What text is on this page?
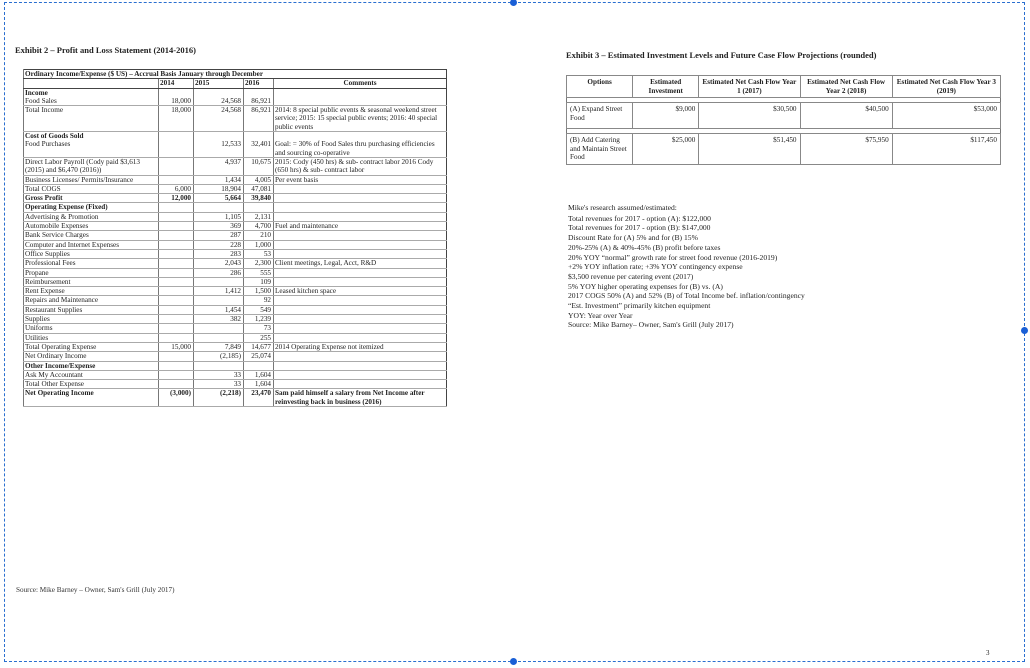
Exhibit 2 – Profit and Loss Statement (2014-2016)
Ordinary Income/Expense ($ US) – Accrual Basis January through December				
	2014	2015	2016	Comments
Income				
Food Sales	18,000	24,568	86,921	
Total Income	18,000	24,568	86,921	2014: 8 special public events & seasonal weekend street service; 2015: 15 special public events; 2016: 40 special public events
Cost of Goods Sold				
Food Purchases		12,533	32,401	Goal: = 30% of Food Sales thru purchasing efficiencies and sourcing co-operative
Direct Labor Payroll (Cody paid $3,613 (2015) and $6,470 (2016))		4,937	10,675	2015: Cody (450 hrs) & sub- contract labor 2016 Cody (650 hrs) & sub- contract labor
Business Licenses/ Permits/Insurance		1,434	4,005	Per event basis
Total COGS	6,000	18,904	47,081	
Gross Profit	12,000	5,664	39,840	
Operating Expense (Fixed)				
Advertising & Promotion		1,105	2,131	
Automobile Expenses		369	4,700	Fuel and maintenance
Bank Service Charges		287	210	
Computer and Internet Expenses		228	1,000	
Office Supplies		283	53	
Professional Fees		2,043	2,300	Client meetings, Legal, Acct, R&D
Propane		286	555	
Reimbursement			109	
Rent Expense		1,412	1,500	Leased kitchen space
Repairs and Maintenance			92	
Restaurant Supplies		1,454	549	
Supplies		382	1,239	
Uniforms			73	
Utilities			255	
Total Operating Expense	15,000	7,849	14,677	2014 Operating Expense not itemized
Net Ordinary Income		(2,185)	25,074	
Other Income/Expense				
Ask My Accountant		33	1,604	
Total Other Expense		33	1,604	
Net Operating Income	(3,000)	(2,218)	23,470	Sam paid himself a salary from Net Income after reinvesting back in business (2016)
Source: Mike Barney – Owner, Sam's Grill (July 2017)
Exhibit 3 – Estimated Investment Levels and Future Case Flow Projections (rounded)
Options	Estimated Investment	Estimated Net Cash Flow Year 1 (2017)	Estimated Net Cash Flow Year 2 (2018)	Estimated Net Cash Flow Year 3 (2019)

(A) Expand Street Food	$9,000	$30,500	$40,500	$53,000

(B) Add Catering and Maintain Street Food	$25,000	$51,450	$75,950	$117,450
Mike's research assumed/estimated:
Total revenues for 2017 - option (A): $122,000
Total revenues for 2017 - option (B): $147,000
Discount Rate for (A) 5% and for (B) 15%
20%-25% (A) & 40%-45% (B) profit before taxes
20% YOY “normal” growth rate for street food revenue (2016-2019)
+2% YOY inflation rate; +3% YOY contingency expense
$3,500 revenue per catering event (2017)
5% YOY higher operating expenses for (B) vs. (A)
2017 COGS 50% (A) and 52% (B) of Total Income bef. inflation/contingency
“Est. Investment” primarily kitchen equipment
YOY: Year over Year
Source: Mike Barney– Owner, Sam's Grill (July 2017)
3
